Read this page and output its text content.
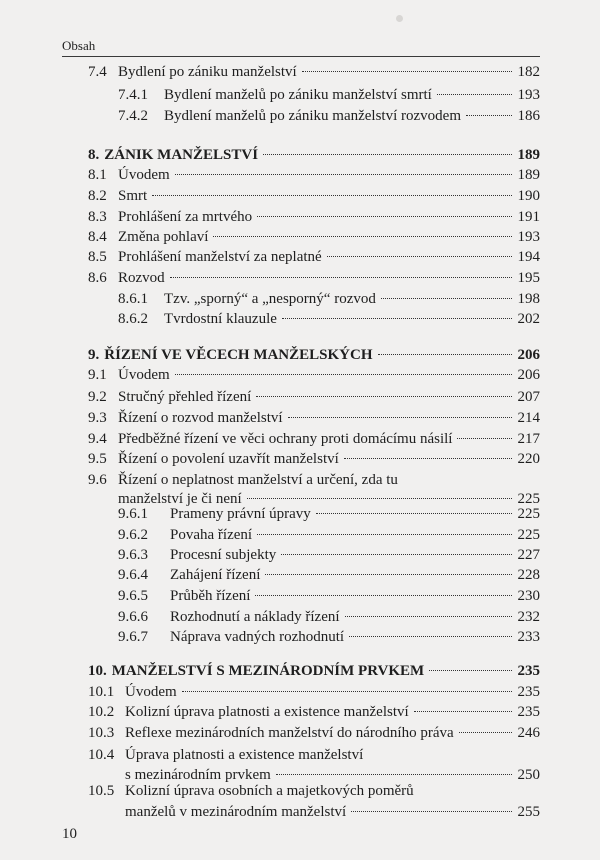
Obsah
7.4 Bydlení po zániku manželství	182
7.4.1	Bydlení manželů po zániku manželství smrtí	193
7.4.2	Bydlení manželů po zániku manželství rozvodem	186
8. ZÁNIK MANŽELSTVÍ	189
8.1 Úvodem	189
8.2 Smrt	190
8.3 Prohlášení za mrtvého	191
8.4 Změna pohlaví	193
8.5 Prohlášení manželství za neplatné	194
8.6 Rozvod	195
8.6.1	Tzv. „sporný“ a „nesporný“ rozvod	198
8.6.2	Tvrdostní klauzule	202
9. ŘÍZENÍ VE VĚCECH MANŽELSKÝCH	206
9.1 Úvodem	206
9.2 Stručný přehled řízení	207
9.3 Řízení o rozvod manželství	214
9.4 Předběžné řízení ve věci ochrany proti domácímu násilí	217
9.5 Řízení o povolení uzavřít manželství	220
9.6 Řízení o neplatnost manželství a určení, zda tu
manželství je či není	225
9.6.1	Prameny právní úpravy	225
9.6.2	Povaha řízení	225
9.6.3	Procesní subjekty	227
9.6.4	Zahájení řízení	228
9.6.5	Průběh řízení	230
9.6.6	Rozhodnutí a náklady řízení	232
9.6.7	Náprava vadných rozhodnutí	233
10. MANŽELSTVÍ S MEZINÁRODNÍM PRVKEM	235
10.1 Úvodem	235
10.2 Kolizní úprava platnosti a existence manželství	235
10.3 Reflexe mezinárodních manželství do národního práva	246
10.4 Úprava platnosti a existence manželství
s mezinárodním prvkem	250
10.5 Kolizní úprava osobních a majetkových poměrů
manželů v mezinárodním manželství	255
10
